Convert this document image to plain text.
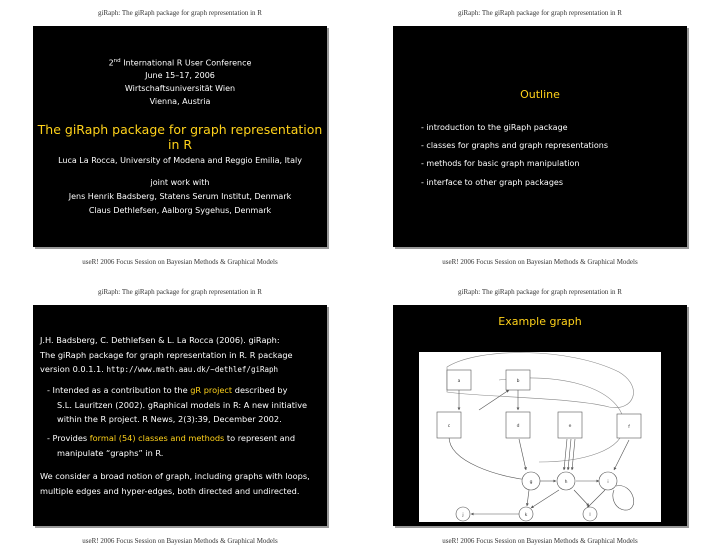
giRaph: The giRaph package for graph representation in R
2nd International R User Conference
June 15–17, 2006
Wirtschaftsuniversität Wien
Vienna, Austria
The giRaph package for graph representation in R
Luca La Rocca, University of Modena and Reggio Emilia, Italy
joint work with
Jens Henrik Badsberg, Statens Serum Institut, Denmark
Claus Dethlefsen, Aalborg Sygehus, Denmark
useR! 2006 Focus Session on Bayesian Methods & Graphical Models
giRaph: The giRaph package for graph representation in R
Outline
- introduction to the giRaph package
- classes for graphs and graph representations
- methods for basic graph manipulation
- interface to other graph packages
useR! 2006 Focus Session on Bayesian Methods & Graphical Models
giRaph: The giRaph package for graph representation in R
J.H. Badsberg, C. Dethlefsen & L. La Rocca (2006). giRaph:
The giRaph package for graph representation in R. R package
version 0.0.1.1. http://www.math.aau.dk/~dethlef/giRaph
- Intended as a contribution to the gR project described by
S.L. Lauritzen (2002). gRaphical models in R: A new initiative
within the R project. R News, 2(3):39, December 2002.
- Provides formal (54) classes and methods to represent and
manipulate “graphs” in R.
We consider a broad notion of graph, including graphs with loops,
multiple edges and hyper-edges, both directed and undirected.
useR! 2006 Focus Session on Bayesian Methods & Graphical Models
giRaph: The giRaph package for graph representation in R
Example graph
a	b
c	d	e	f
g	h	i
j	k	l
useR! 2006 Focus Session on Bayesian Methods & Graphical Models
